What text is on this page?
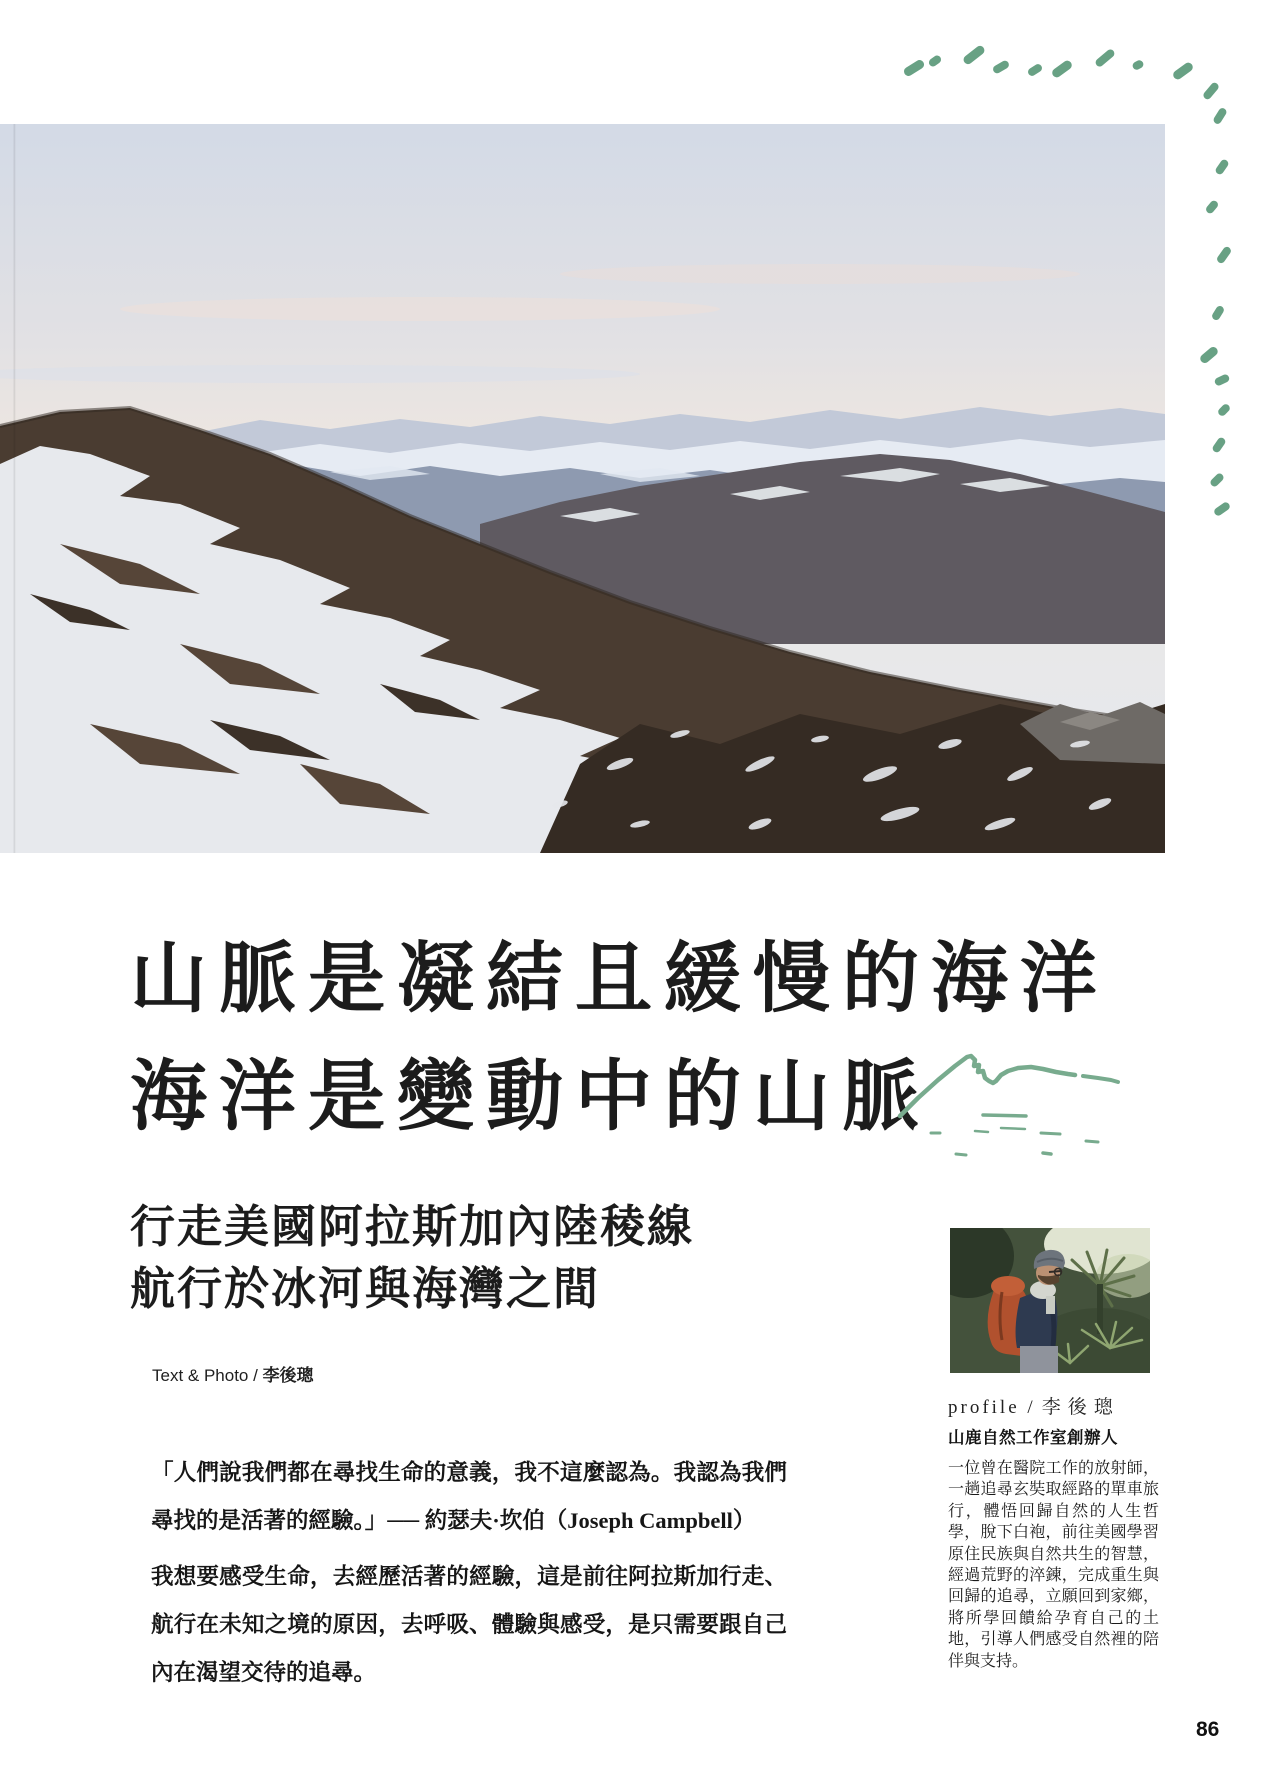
山脈是凝結且緩慢的海洋
海洋是變動中的山脈
行走美國阿拉斯加內陸稜線
航行於冰河與海灣之間
Text & Photo / 李後璁

「人們說我們都在尋找生命的意義，我不這麼認為。我認為我們尋找的是活著的經驗。」── 約瑟夫·坎伯（Joseph Campbell）

我想要感受生命，去經歷活著的經驗，這是前往阿拉斯加行走、航行在未知之境的原因，去呼吸、體驗與感受，是只需要跟自己內在渴望交待的追尋。

profile / 李後璁
山鹿自然工作室創辦人

一位曾在醫院工作的放射師，一趟追尋玄奘取經路的單車旅行，體悟回歸自然的人生哲學，脫下白袍，前往美國學習原住民族與自然共生的智慧，經過荒野的淬鍊，完成重生與回歸的追尋，立願回到家鄉，將所學回饋給孕育自己的土地，引導人們感受自然裡的陪伴與支持。

86
